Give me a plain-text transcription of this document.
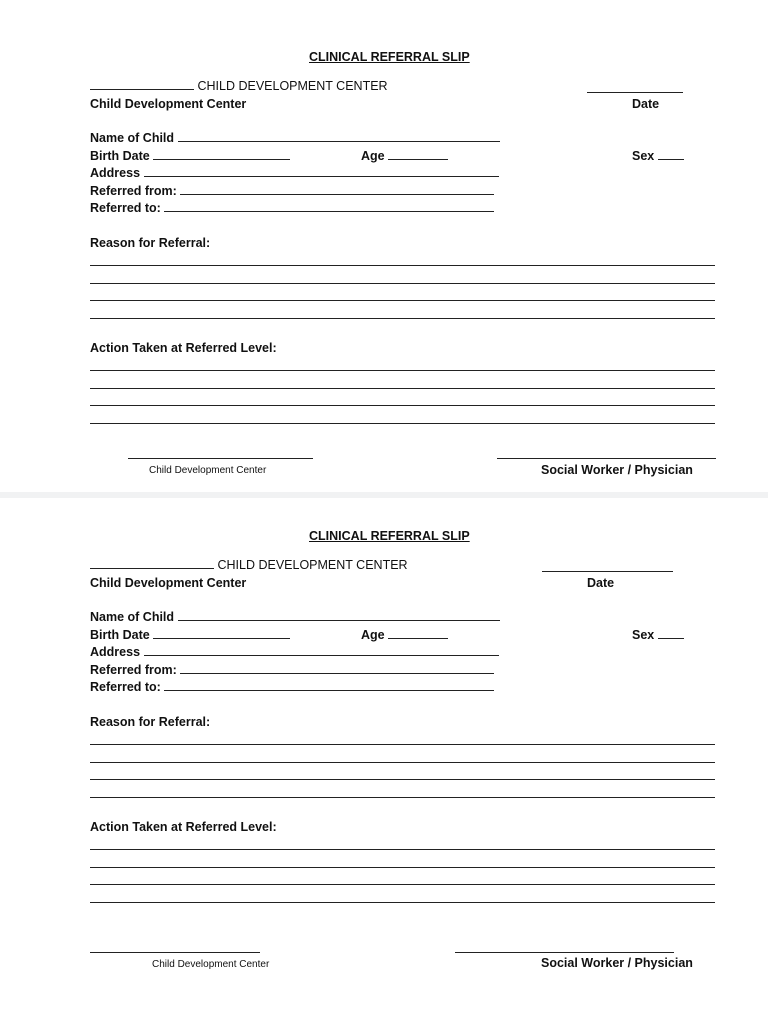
CLINICAL REFERRAL SLIP
CHILD DEVELOPMENT CENTER
Child Development Center	Date
Name of Child
Birth Date	Age	Sex
Address
Referred from:
Referred to:
Reason for Referral:
Action Taken at Referred Level:
Child Development Center	Social Worker / Physician
CLINICAL REFERRAL SLIP
CHILD DEVELOPMENT CENTER
Child Development Center	Date
Name of Child
Birth Date	Age	Sex
Address
Referred from:
Referred to:
Reason for Referral:
Action Taken at Referred Level:
Child Development Center	Social Worker / Physician
